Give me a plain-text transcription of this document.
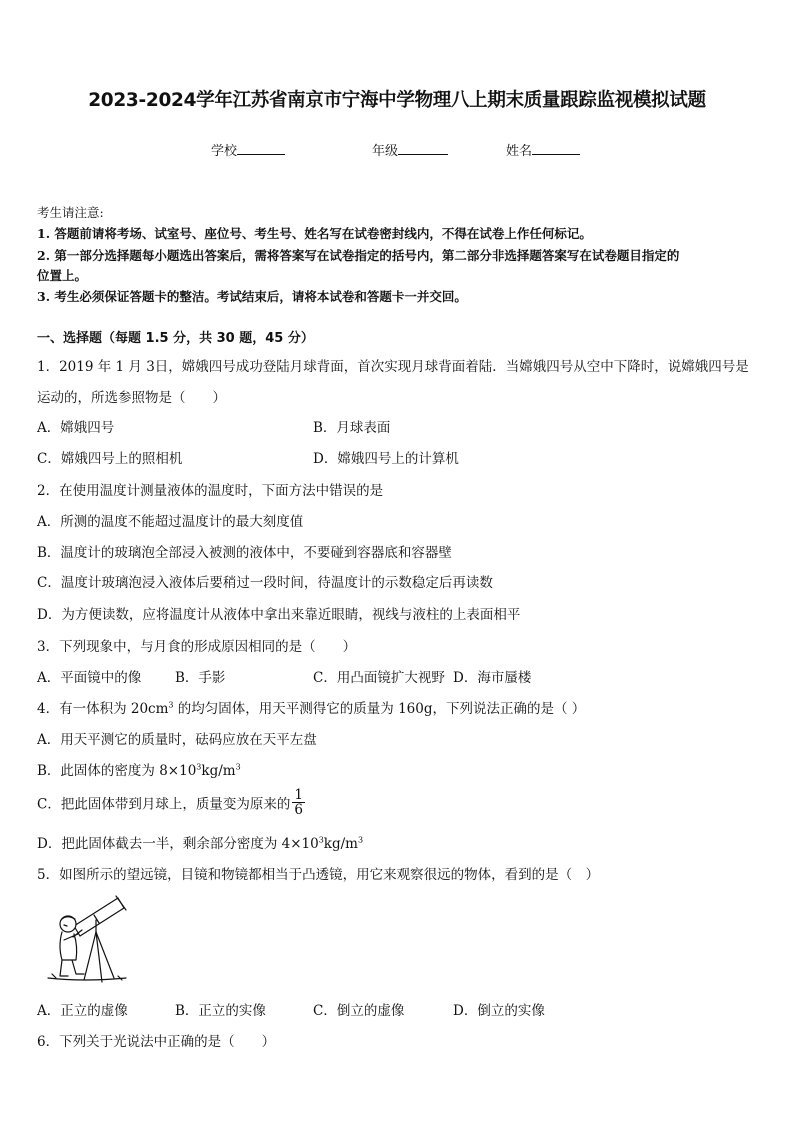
2023-2024学年江苏省南京市宁海中学物理八上期末质量跟踪监视模拟试题
学校	年级	姓名
考生请注意:
1. 答题前请将考场、试室号、座位号、考生号、姓名写在试卷密封线内，不得在试卷上作任何标记。
2. 第一部分选择题每小题选出答案后，需将答案写在试卷指定的括号内，第二部分非选择题答案写在试卷题目指定的
位置上。
3. 考生必须保证答题卡的整洁。考试结束后，请将本试卷和答题卡一并交回。
一、选择题（每题 1.5 分，共 30 题，45 分）
1．2019 年 1 月 3日，嫦娥四号成功登陆月球背面，首次实现月球背面着陆．当嫦娥四号从空中下降时，说嫦娥四号是
运动的，所选参照物是（　　）
A．嫦娥四号	B．月球表面
C．嫦娥四号上的照相机	D．嫦娥四号上的计算机
2．在使用温度计测量液体的温度时，下面方法中错误的是
A．所测的温度不能超过温度计的最大刻度值
B．温度计的玻璃泡全部浸入被测的液体中，不要碰到容器底和容器壁
C．温度计玻璃泡浸入液体后要稍过一段时间，待温度计的示数稳定后再读数
D．为方便读数，应将温度计从液体中拿出来靠近眼睛，视线与液柱的上表面相平
3．下列现象中，与月食的形成原因相同的是（　　）
A．平面镜中的像	B．手影	C．用凸面镜扩大视野 D．海市蜃楼
4．有一体积为 $20cm^3$ 的均匀固体，用天平测得它的质量为 160g，下列说法正确的是（ ）
A．用天平测它的质量时，砝码应放在天平左盘
B．此固体的密度为 $8\times 10^3kg/m^3$
C．把此固体带到月球上，质量变为原来的 $\frac{1}{6}$
D．把此固体截去一半，剩余部分密度为 $4\times 10^3kg/m^3$
5．如图所示的望远镜，目镜和物镜都相当于凸透镜，用它来观察很远的物体，看到的是（　）
A．正立的虚像	B．正立的实像	C．倒立的虚像	D．倒立的实像
6．下列关于光说法中正确的是（　　）
